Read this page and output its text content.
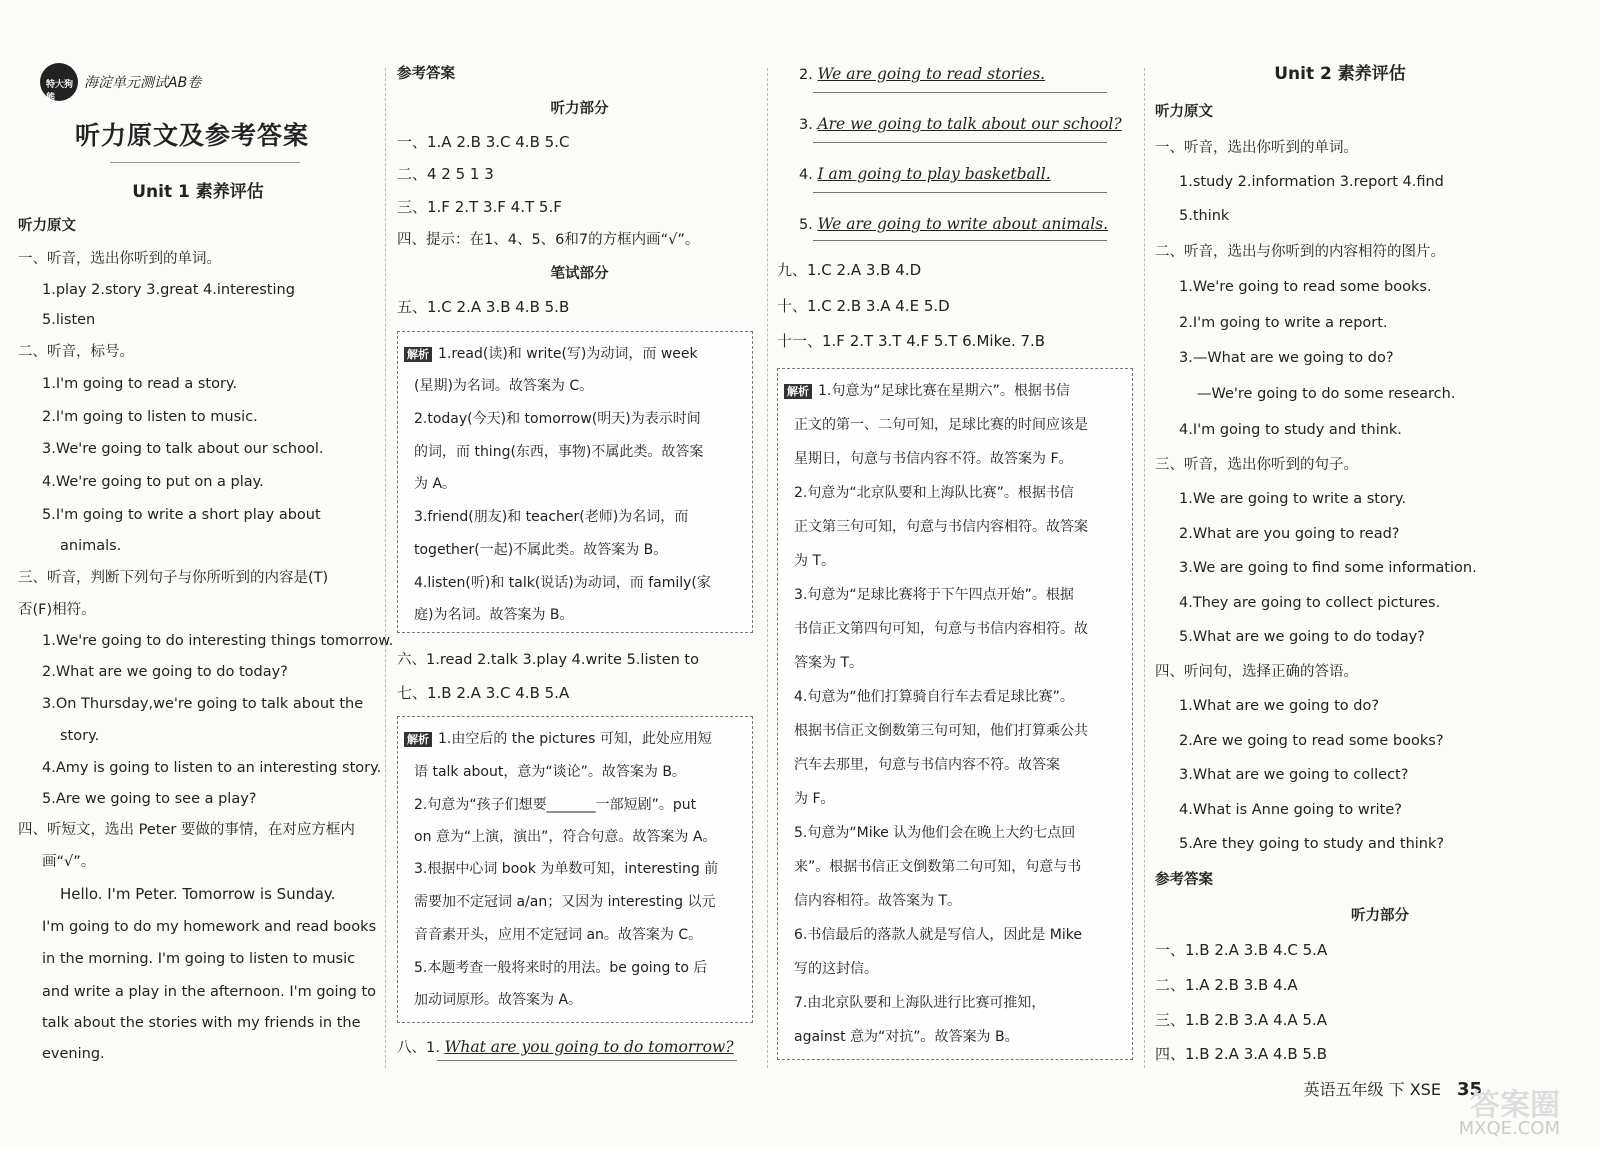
特大狗熊
海淀单元测试AB卷
听力原文及参考答案
Unit 1 素养评估
听力原文
一、听音，选出你听到的单词。
1.play 2.story 3.great 4.interesting
5.listen
二、听音，标号。
1.I'm going to read a story.
2.I'm going to listen to music.
3.We're going to talk about our school.
4.We're going to put on a play.
5.I'm going to write a short play about
animals.
三、听音，判断下列句子与你所听到的内容是(T)
否(F)相符。
1.We're going to do interesting things tomorrow.
2.What are we going to do today?
3.On Thursday,we're going to talk about the
story.
4.Amy is going to listen to an interesting story.
5.Are we going to see a play?
四、听短文，选出 Peter 要做的事情，在对应方框内
画“√”。
Hello. I'm Peter. Tomorrow is Sunday.
I'm going to do my homework and read books
in the morning. I'm going to listen to music
and write a play in the afternoon. I'm going to
talk about the stories with my friends in the
evening.
参考答案
听力部分
一、1.A 2.B 3.C 4.B 5.C
二、4 2 5 1 3
三、1.F 2.T 3.F 4.T 5.F
四、提示：在1、4、5、6和7的方框内画“√”。
笔试部分
五、1.C 2.A 3.B 4.B 5.B
解析 1.read(读)和 write(写)为动词，而 week
(星期)为名词。故答案为 C。
2.today(今天)和 tomorrow(明天)为表示时间
的词，而 thing(东西，事物)不属此类。故答案
为 A。
3.friend(朋友)和 teacher(老师)为名词，而
together(一起)不属此类。故答案为 B。
4.listen(听)和 talk(说话)为动词，而 family(家
庭)为名词。故答案为 B。
六、1.read 2.talk 3.play 4.write 5.listen to
七、1.B 2.A 3.C 4.B 5.A
解析 1.由空后的 the pictures 可知，此处应用短
语 talk about，意为“谈论”。故答案为 B。
2.句意为“孩子们想要_______一部短剧”。put
on 意为“上演，演出”，符合句意。故答案为 A。
3.根据中心词 book 为单数可知，interesting 前
需要加不定冠词 a/an；又因为 interesting 以元
音音素开头，应用不定冠词 an。故答案为 C。
5.本题考查一般将来时的用法。be going to 后
加动词原形。故答案为 A。
八、1. What are you going to do tomorrow?
2. We are going to read stories.
3. Are we going to talk about our school?
4. I am going to play basketball.
5. We are going to write about animals.
九、1.C 2.A 3.B 4.D
十、1.C 2.B 3.A 4.E 5.D
十一、1.F 2.T 3.T 4.F 5.T 6.Mike. 7.B
解析 1.句意为“足球比赛在星期六”。根据书信
正文的第一、二句可知，足球比赛的时间应该是
星期日，句意与书信内容不符。故答案为 F。
2.句意为“北京队要和上海队比赛”。根据书信
正文第三句可知，句意与书信内容相符。故答案
为 T。
3.句意为“足球比赛将于下午四点开始”。根据
书信正文第四句可知，句意与书信内容相符。故
答案为 T。
4.句意为“他们打算骑自行车去看足球比赛”。
根据书信正文倒数第三句可知，他们打算乘公共
汽车去那里，句意与书信内容不符。故答案
为 F。
5.句意为“Mike 认为他们会在晚上大约七点回
来”。根据书信正文倒数第二句可知，句意与书
信内容相符。故答案为 T。
6.书信最后的落款人就是写信人，因此是 Mike
写的这封信。
7.由北京队要和上海队进行比赛可推知，
against 意为“对抗”。故答案为 B。
Unit 2 素养评估
听力原文
一、听音，选出你听到的单词。
1.study 2.information 3.report 4.find
5.think
二、听音，选出与你听到的内容相符的图片。
1.We're going to read some books.
2.I'm going to write a report.
3.—What are we going to do?
—We're going to do some research.
4.I'm going to study and think.
三、听音，选出你听到的句子。
1.We are going to write a story.
2.What are you going to read?
3.We are going to find some information.
4.They are going to collect pictures.
5.What are we going to do today?
四、听问句，选择正确的答语。
1.What are we going to do?
2.Are we going to read some books?
3.What are we going to collect?
4.What is Anne going to write?
5.Are they going to study and think?
参考答案
听力部分
一、1.B 2.A 3.B 4.C 5.A
二、1.A 2.B 3.B 4.A
三、1.B 2.B 3.A 4.A 5.A
四、1.B 2.A 3.A 4.B 5.B
英语五年级 下 XSE 35
答案圈
MXQE.COM
